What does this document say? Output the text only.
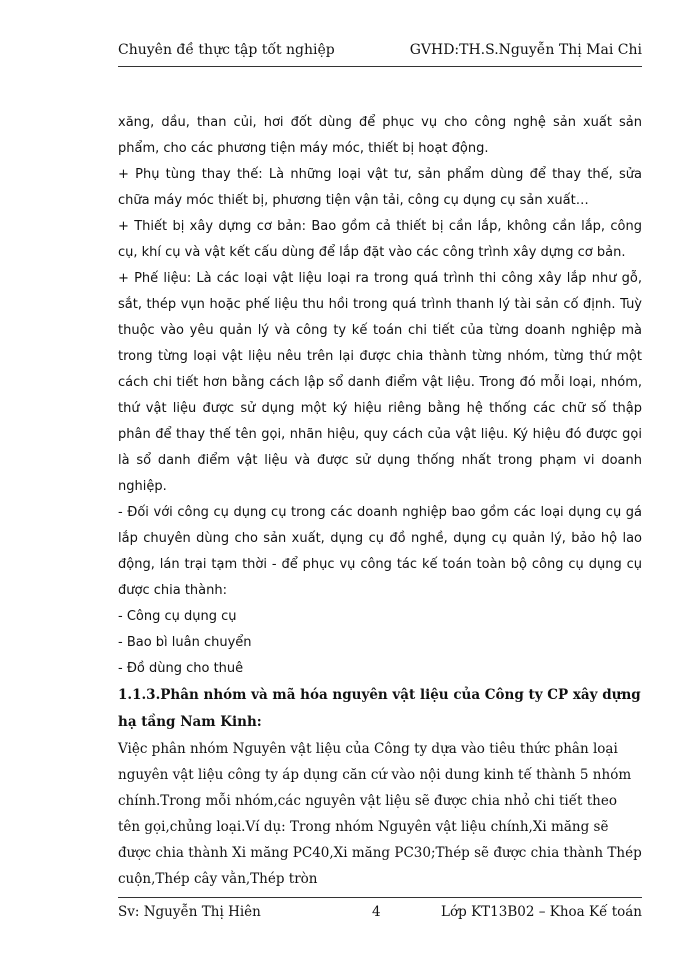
Chuyên đề thực tập tốt nghiệp	GVHD:TH.S.Nguyễn Thị Mai Chi

xăng, dầu, than củi, hơi đốt dùng để phục vụ cho công nghệ sản xuất sản phẩm, cho các phương tiện máy móc, thiết bị hoạt động.

+ Phụ tùng thay thế: Là những loại vật tư, sản phẩm dùng để thay thế, sửa chữa máy móc thiết bị, phương tiện vận tải, công cụ dụng cụ sản xuất…

+ Thiết bị xây dựng cơ bản: Bao gồm cả thiết bị cần lắp, không cần lắp, công cụ, khí cụ và vật kết cấu dùng để lắp đặt vào các công trình xây dựng cơ bản.

+ Phế liệu: Là các loại vật liệu loại ra trong quá trình thi công xây lắp như gỗ, sắt, thép vụn hoặc phế liệu thu hồi trong quá trình thanh lý tài sản cố định. Tuỳ thuộc vào yêu quản lý và công ty kế toán chi tiết của từng doanh nghiệp mà trong từng loại vật liệu nêu trên lại được chia thành từng nhóm, từng thứ một cách chi tiết hơn bằng cách lập sổ danh điểm vật liệu. Trong đó mỗi loại, nhóm, thứ vật liệu được sử dụng một ký hiệu riêng bằng hệ thống các chữ số thập phân để thay thế tên gọi, nhãn hiệu, quy cách của vật liệu. Ký hiệu đó được gọi là sổ danh điểm vật liệu và được sử dụng thống nhất trong phạm vi doanh nghiệp.

- Đối với công cụ dụng cụ trong các doanh nghiệp bao gồm các loại dụng cụ gá lắp chuyên dùng cho sản xuất, dụng cụ đồ nghề, dụng cụ quản lý, bảo hộ lao động, lán trại tạm thời - để phục vụ công tác kế toán toàn bộ công cụ dụng cụ được chia thành:

- Công cụ dụng cụ

- Bao bì luân chuyển

- Đồ dùng cho thuê

1.1.3.Phân nhóm và mã hóa nguyên vật liệu của Công ty CP xây dựng hạ tầng Nam Kinh:

Việc phân nhóm Nguyên vật liệu của Công ty dựa vào tiêu thức phân loại nguyên vật liệu công ty áp dụng căn cứ vào nội dung kinh tế thành 5 nhóm chính.Trong mỗi nhóm,các nguyên vật liệu sẽ được chia nhỏ chi tiết theo tên gọi,chủng loại.Ví dụ: Trong nhóm Nguyên vật liệu chính,Xi măng sẽ được chia thành Xi măng PC40,Xi măng PC30;Thép sẽ được chia thành Thép cuộn,Thép cây vằn,Thép tròn

Sv: Nguyễn Thị Hiên	4	Lớp KT13B02 – Khoa Kế toán
